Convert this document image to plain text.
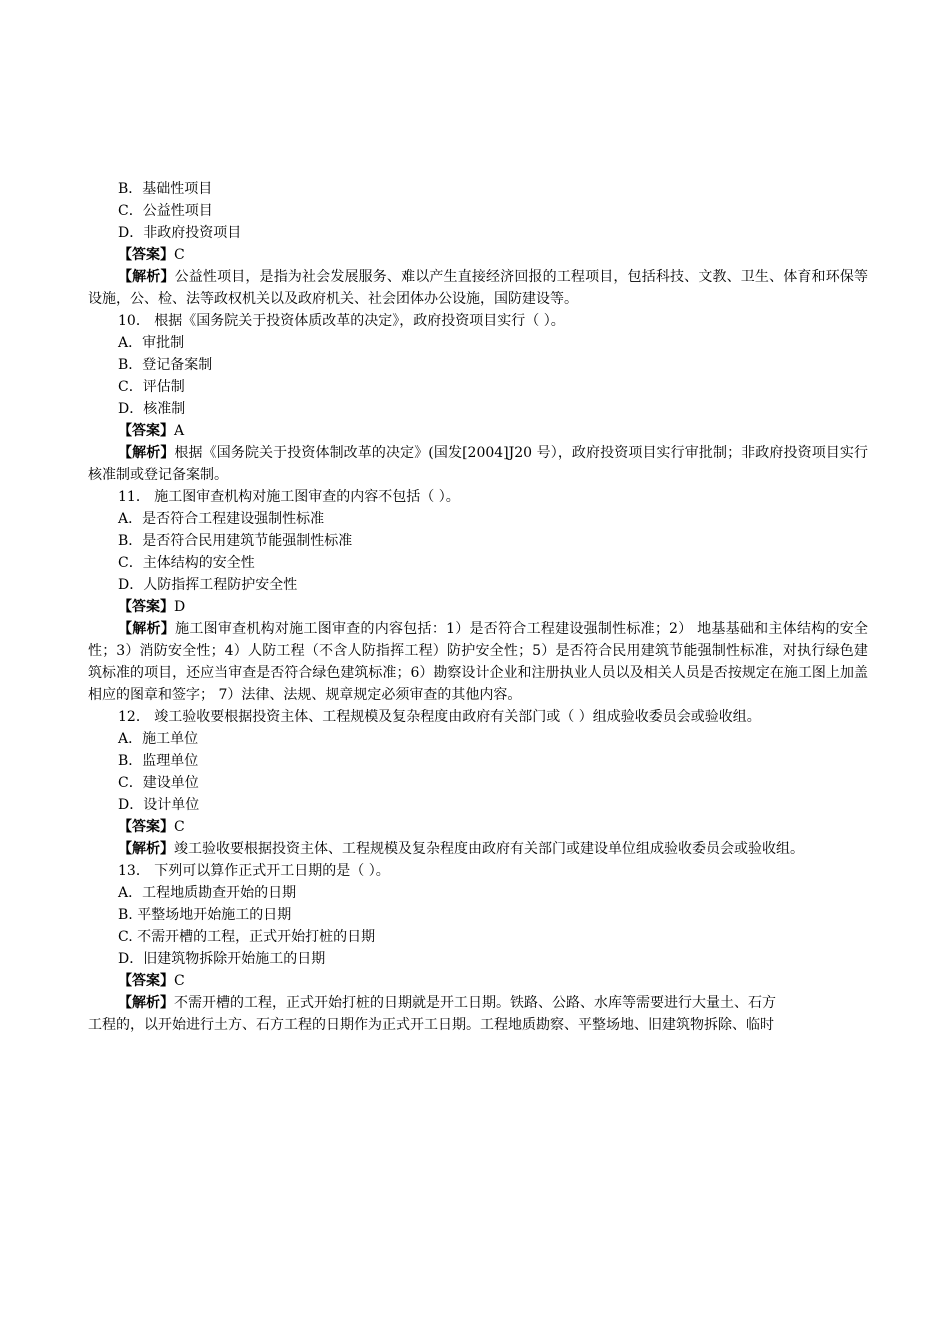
B．基础性项目
C．公益性项目
D．非政府投资项目
【答案】C
【解析】公益性项目，是指为社会发展服务、难以产生直接经济回报的工程项目，包括科技、文教、卫生、体育和环保等设施，公、检、法等政权机关以及政府机关、社会团体办公设施，国防建设等。
10． 根据《国务院关于投资体质改革的决定》，政府投资项目实行（ ）。
A．审批制
B．登记备案制
C．评估制
D．核准制
【答案】A
【解析】根据《国务院关于投资体制改革的决定》(国发[2004]J20 号），政府投资项目实行审批制；非政府投资项目实行核准制或登记备案制。
11． 施工图审查机构对施工图审查的内容不包括（ ）。
A．是否符合工程建设强制性标准
B．是否符合民用建筑节能强制性标准
C．主体结构的安全性
D．人防指挥工程防护安全性
【答案】D
【解析】施工图审查机构对施工图审查的内容包括：1）是否符合工程建设强制性标准；2） 地基基础和主体结构的安全性；3）消防安全性；4）人防工程（不含人防指挥工程）防护安全性；5）是否符合民用建筑节能强制性标准，对执行绿色建筑标准的项目，还应当审查是否符合绿色建筑标准；6）勘察设计企业和注册执业人员以及相关人员是否按规定在施工图上加盖相应的图章和签字； 7）法律、法规、规章规定必须审查的其他内容。
12． 竣工验收要根据投资主体、工程规模及复杂程度由政府有关部门或（ ）组成验收委员会或验收组。
A．施工单位
B．监理单位
C．建设单位
D．设计单位
【答案】C
【解析】竣工验收要根据投资主体、工程规模及复杂程度由政府有关部门或建设单位组成验收委员会或验收组。
13． 下列可以算作正式开工日期的是（ ）。
A．工程地质勘查开始的日期
B. 平整场地开始施工的日期
C. 不需开槽的工程，正式开始打桩的日期
D．旧建筑物拆除开始施工的日期
【答案】C
【解析】不需开槽的工程，正式开始打桩的日期就是开工日期。铁路、公路、水库等需要进行大量土、石方
工程的，以开始进行土方、石方工程的日期作为正式开工日期。工程地质勘察、平整场地、旧建筑物拆除、临时
